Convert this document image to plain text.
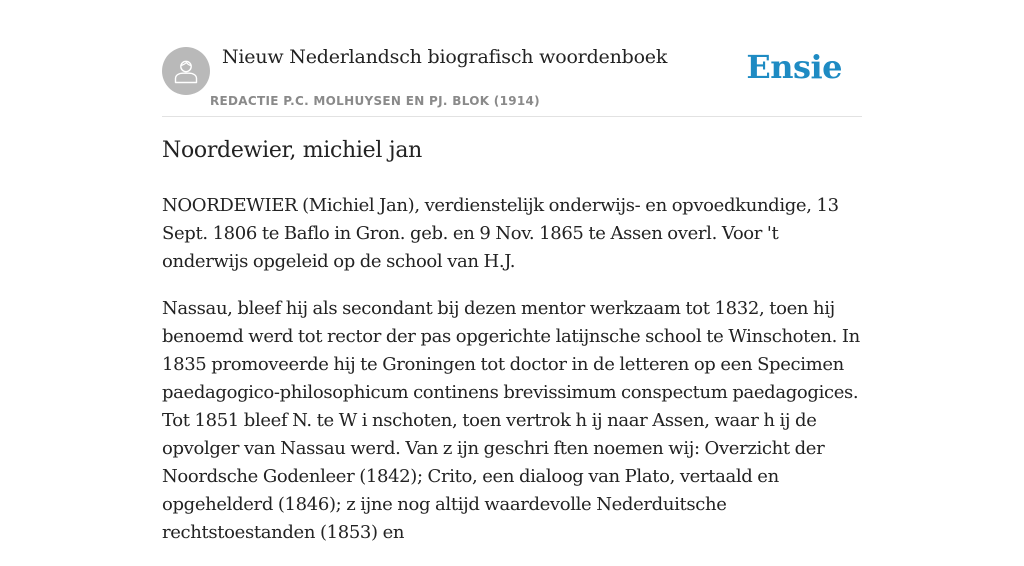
Nieuw Nederlandsch biografisch woordenboek
REDACTIE P.C. MOLHUYSEN EN PJ. BLOK (1914)
Ensie
Noordewier, michiel jan

NOORDEWIER (Michiel Jan), verdienstelijk onderwijs- en opvoedkundige, 13 Sept. 1806 te Baflo in Gron. geb. en 9 Nov. 1865 te Assen overl. Voor 't onderwijs opgeleid op de school van H.J.

Nassau, bleef hij als secondant bij dezen mentor werkzaam tot 1832, toen hij benoemd werd tot rector der pas opgerichte latijnsche school te Winschoten. In 1835 promoveerde hij te Groningen tot doctor in de letteren op een Specimen paedagogico-philosophicum continens brevissimum conspectum paedagogices. Tot 1851 bleef N. te W i nschoten, toen vertrok h ij naar Assen, waar h ij de opvolger van Nassau werd. Van z ijn geschri ften noemen wij: Overzicht der Noordsche Godenleer (1842); Crito, een dialoog van Plato, vertaald en opgehelderd (1846); z ijne nog altijd waardevolle Nederduitsche rechtstoestanden (1853) en
